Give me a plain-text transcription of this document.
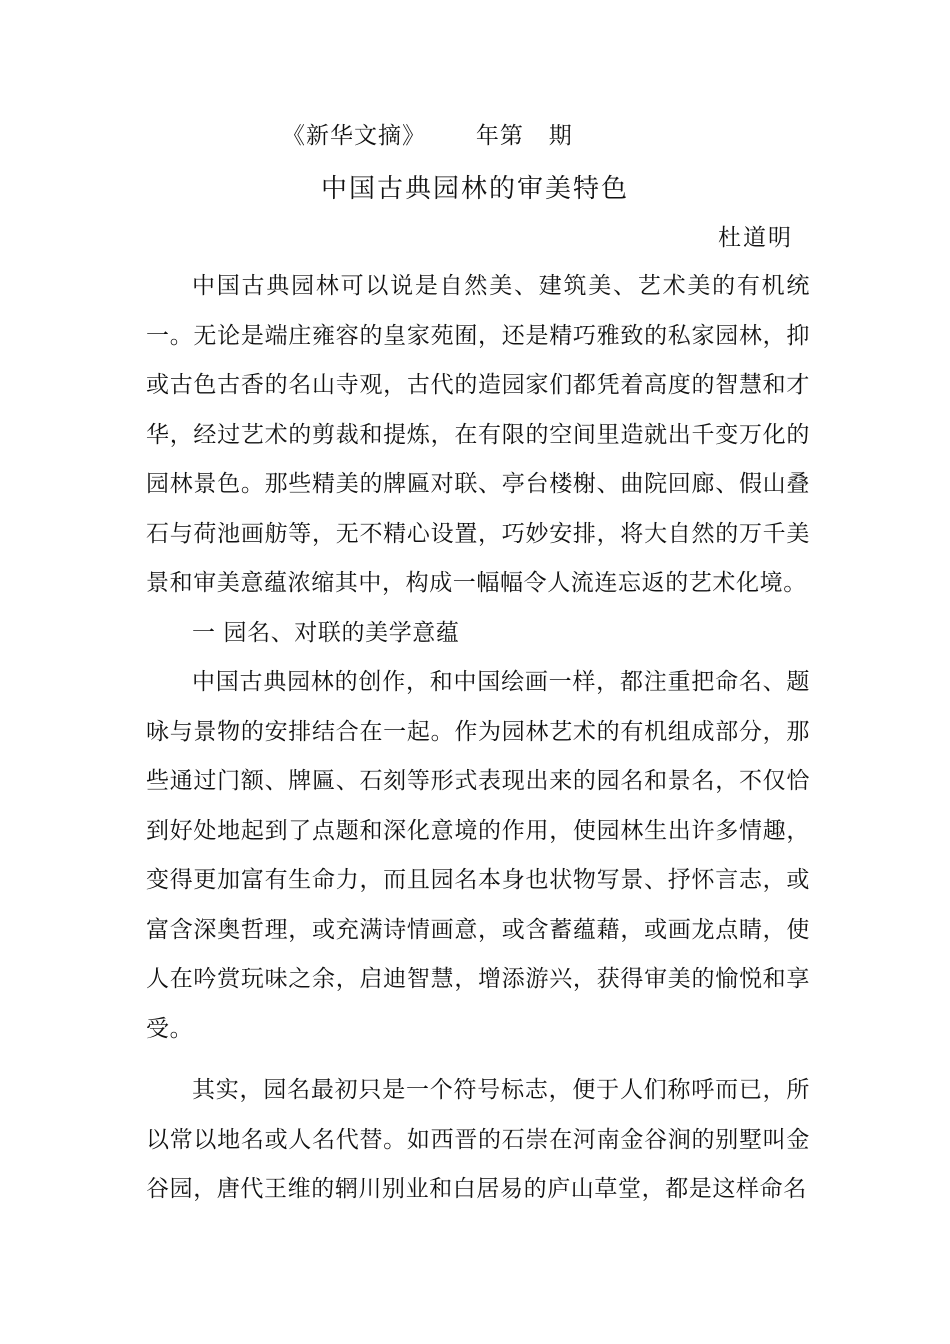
《新华文摘》      年第   期
中国古典园林的审美特色
杜道明

中国古典园林可以说是自然美、建筑美、艺术美的有机统一。无论是端庄雍容的皇家苑囿，还是精巧雅致的私家园林，抑或古色古香的名山寺观，古代的造园家们都凭着高度的智慧和才华，经过艺术的剪裁和提炼，在有限的空间里造就出千变万化的园林景色。那些精美的牌匾对联、亭台楼榭、曲院回廊、假山叠石与荷池画舫等，无不精心设置，巧妙安排，将大自然的万千美景和审美意蕴浓缩其中，构成一幅幅令人流连忘返的艺术化境。

一 园名、对联的美学意蕴

中国古典园林的创作，和中国绘画一样，都注重把命名、题咏与景物的安排结合在一起。作为园林艺术的有机组成部分，那些通过门额、牌匾、石刻等形式表现出来的园名和景名，不仅恰到好处地起到了点题和深化意境的作用，使园林生出许多情趣，变得更加富有生命力，而且园名本身也状物写景、抒怀言志，或富含深奥哲理，或充满诗情画意，或含蓄蕴藉，或画龙点睛，使人在吟赏玩味之余，启迪智慧，增添游兴，获得审美的愉悦和享受。

其实，园名最初只是一个符号标志，便于人们称呼而已，所以常以地名或人名代替。如西晋的石崇在河南金谷涧的别墅叫金谷园，唐代王维的辋川别业和白居易的庐山草堂，都是这样命名
